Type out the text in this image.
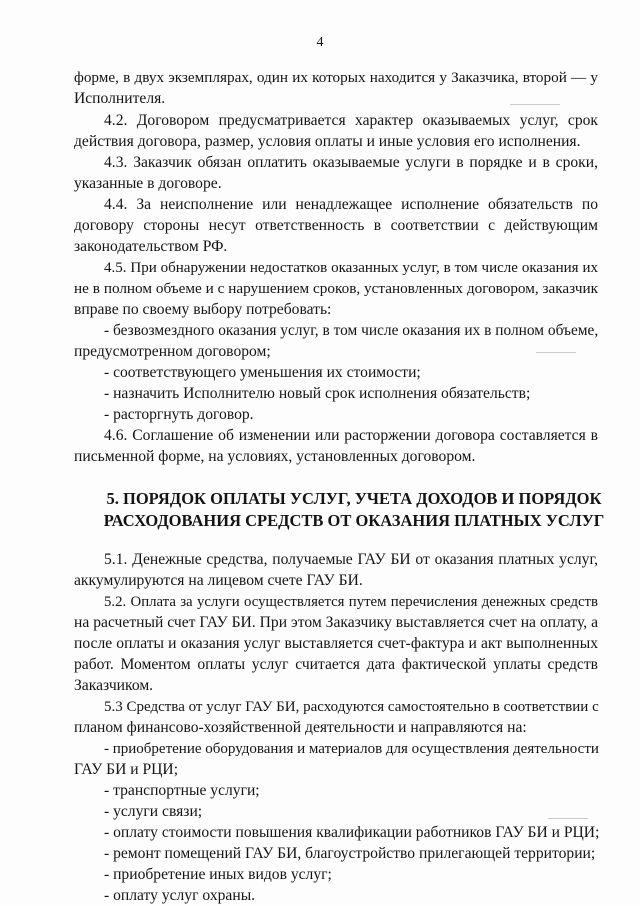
4
форме, в двух экземплярах, один их которых находится у Заказчика, второй — у
Исполнителя.
4.2. Договором предусматривается характер оказываемых услуг, срок
действия договора, размер, условия оплаты и иные условия его исполнения.
4.3. Заказчик обязан оплатить оказываемые услуги в порядке и в сроки,
указанные в договоре.
4.4. За неисполнение или ненадлежащее исполнение обязательств по
договору стороны несут ответственность в соответствии с действующим
законодательством РФ.
4.5. При обнаружении недостатков оказанных услуг, в том числе оказания их
не в полном объеме и с нарушением сроков, установленных договором, заказчик
вправе по своему выбору потребовать:
- безвозмездного оказания услуг, в том числе оказания их в полном объеме,
предусмотренном договором;
- соответствующего уменьшения их стоимости;
- назначить Исполнителю новый срок исполнения обязательств;
- расторгнуть договор.
4.6. Соглашение об изменении или расторжении договора составляется в
письменной форме, на условиях, установленных договором.
5. ПОРЯДОК ОПЛАТЫ УСЛУГ, УЧЕТА ДОХОДОВ И ПОРЯДОК
РАСХОДОВАНИЯ СРЕДСТВ ОТ ОКАЗАНИЯ ПЛАТНЫХ УСЛУГ
5.1. Денежные средства, получаемые ГАУ БИ от оказания платных услуг,
аккумулируются на лицевом счете ГАУ БИ.
5.2. Оплата за услуги осуществляется путем перечисления денежных средств
на расчетный счет ГАУ БИ. При этом Заказчику выставляется счет на оплату, а
после оплаты и оказания услуг выставляется счет-фактура и акт выполненных
работ. Моментом оплаты услуг считается дата фактической уплаты средств
Заказчиком.
5.3 Средства от услуг ГАУ БИ, расходуются самостоятельно в соответствии с
планом финансово-хозяйственной деятельности и направляются на:
- приобретение оборудования и материалов для осуществления деятельности
ГАУ БИ и РЦИ;
- транспортные услуги;
- услуги связи;
- оплату стоимости повышения квалификации работников ГАУ БИ и РЦИ;
- ремонт помещений ГАУ БИ, благоустройство прилегающей территории;
- приобретение иных видов услуг;
- оплату услуг охраны.
